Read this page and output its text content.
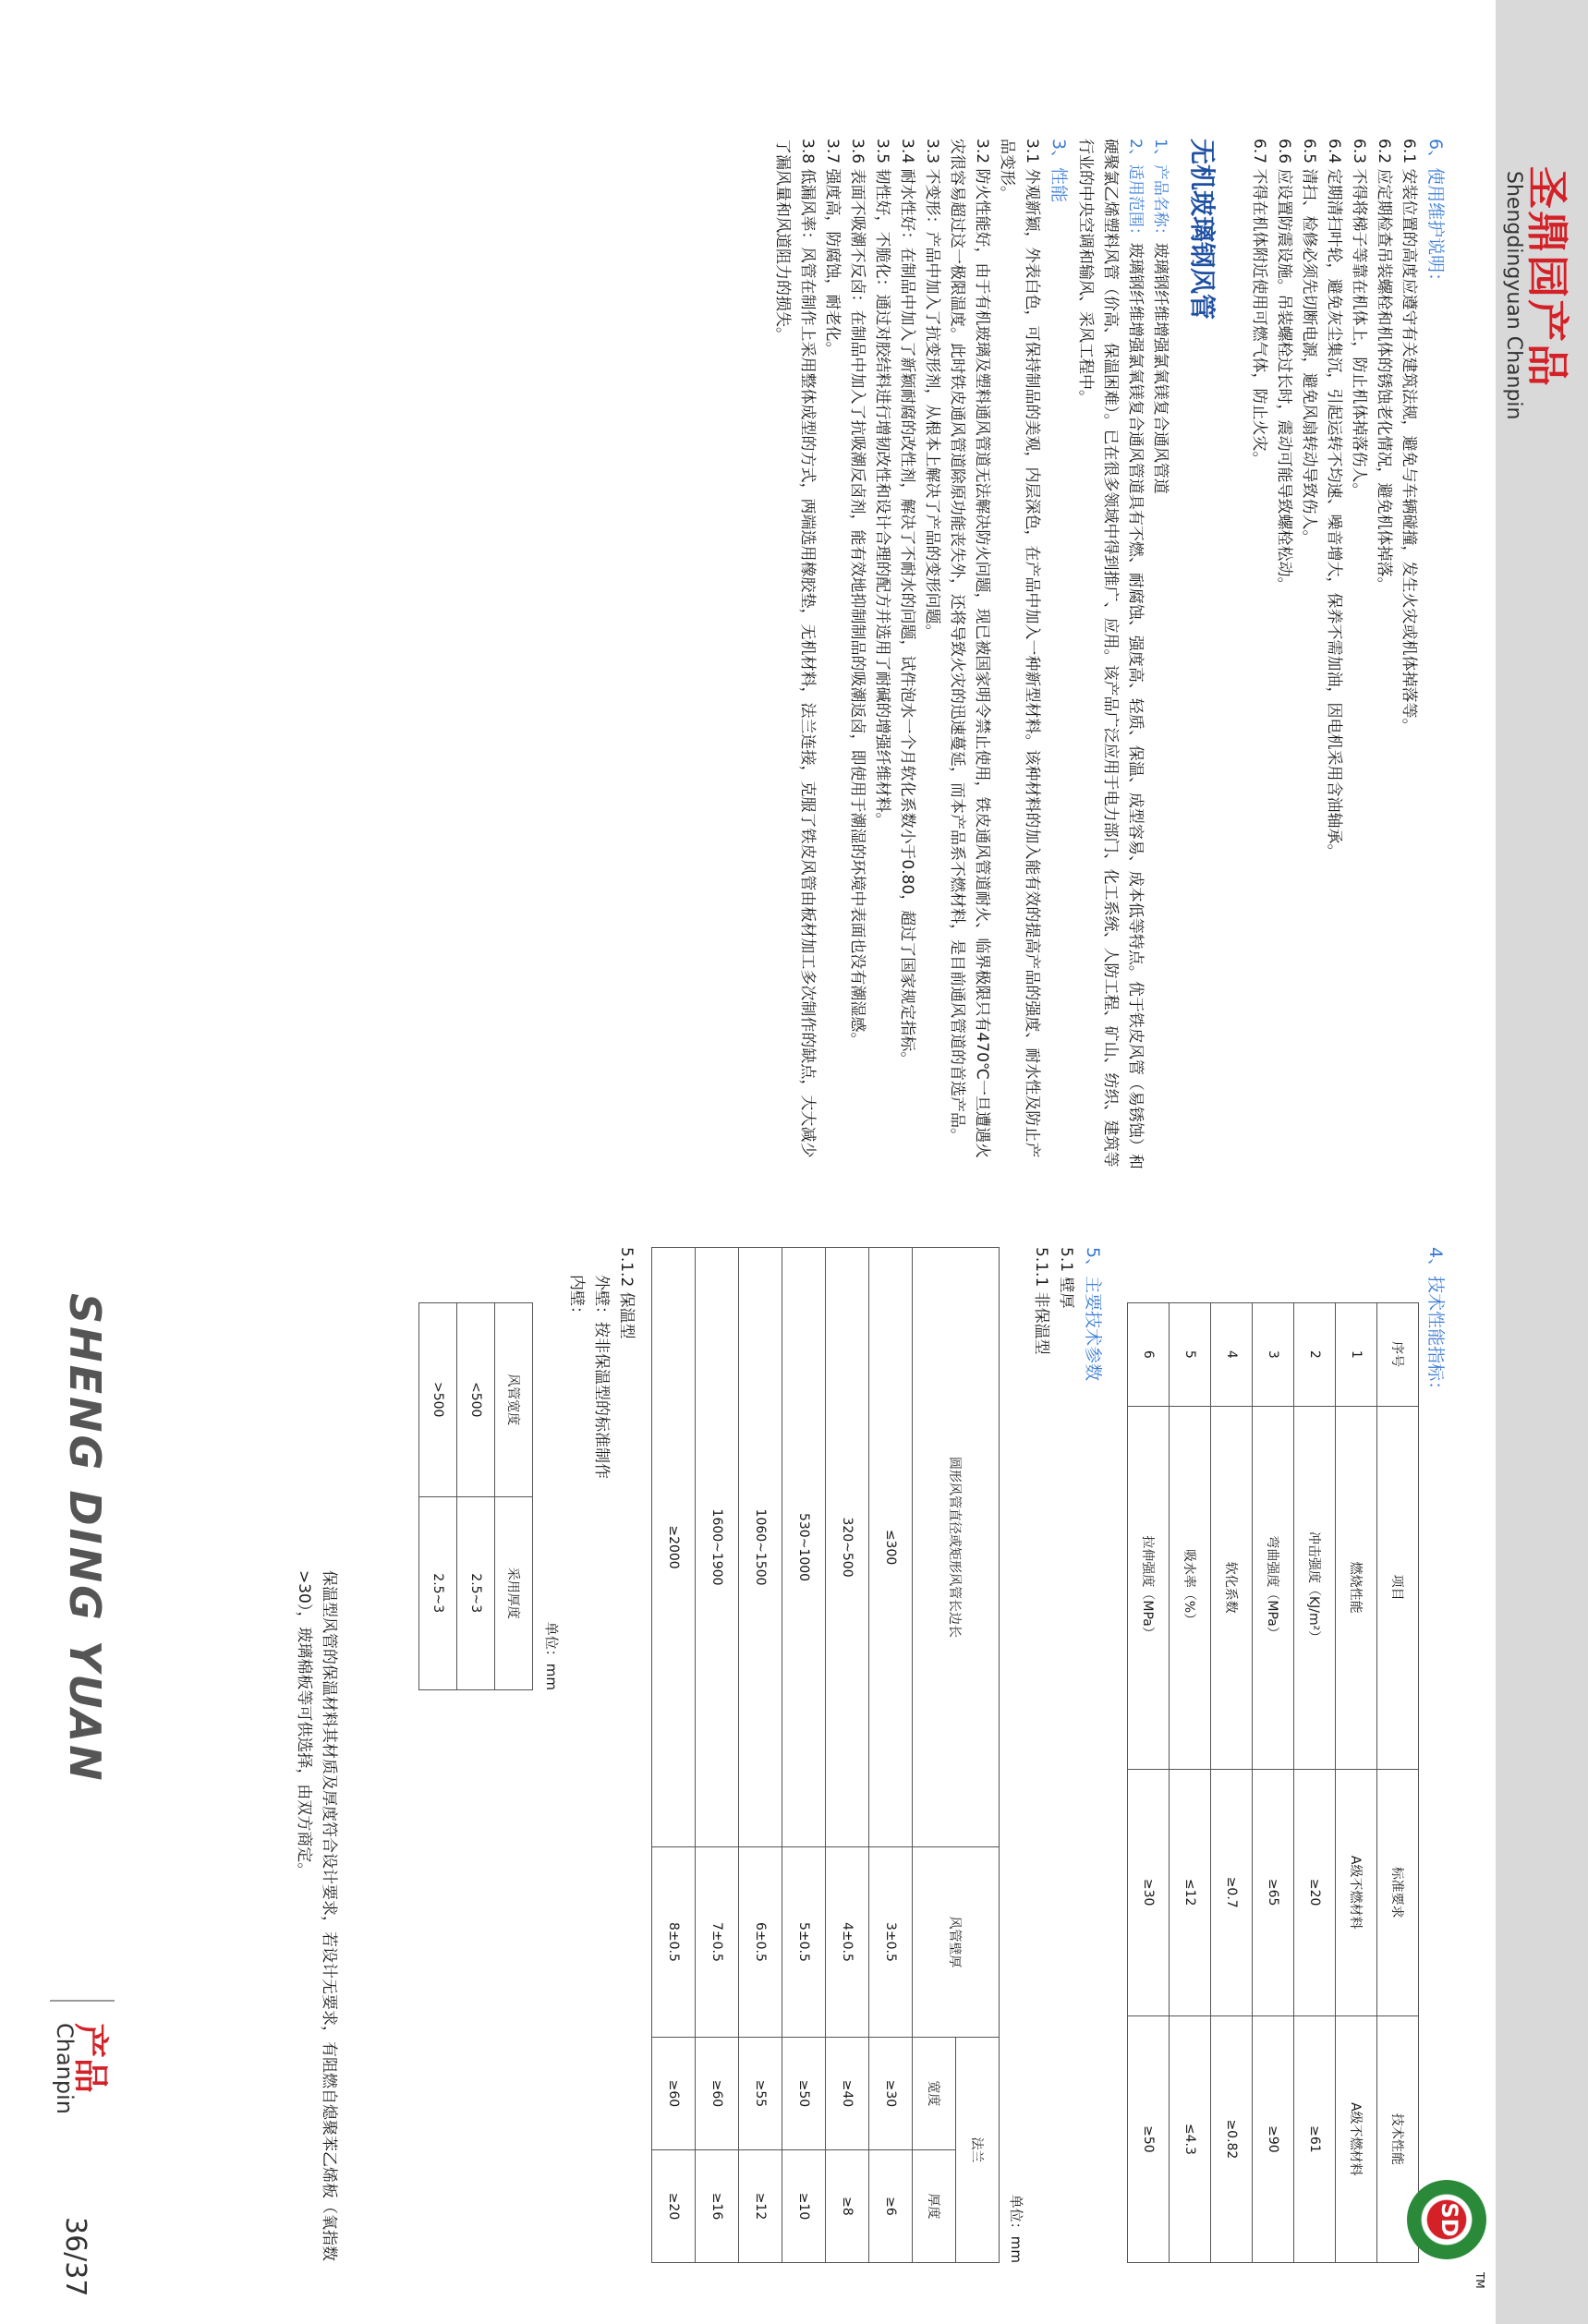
圣鼎园产品
Shengdingyuan Chanpin

6、使用维护说明：

6.1 安装位置的高度应遵守有关建筑法规，避免与车辆碰撞，发生火灾或机体掉落等。

6.2 应定期检查吊装螺栓和机体的锈蚀老化情况，避免机体掉落。

6.3 不得将梯子等靠在机体上，防止机体掉落伤人。

6.4 定期清扫叶轮，避免灰尘集沉，引起运转不均速、噪音增大，保养不需加油，因电机采用含油轴承。

6.5 清扫、检修必须先切断电源，避免风扇转动导致伤人。

6.6 应设置防震设施。吊装螺栓过长时，震动可能导致螺栓松动。

6.7 不得在机体附近使用可燃气体，防止火灾。

无机玻璃钢风管

1、产品名称：玻璃钢纤维增强氯氧镁复合通风管道

2、适用范围：玻璃钢纤维增强氯氧镁复合通风管道具有不燃、耐腐蚀、强度高、轻质、保温、成型容易、成本低等特点。优于铁皮风管（易锈蚀）和硬聚氯乙烯塑料风管（价高、保温困难）。已在很多领域中得到推广、应用。该产品广泛应用于电力部门、化工系统、人防工程、矿山、纺织、建筑等行业的中央空调和输风、采风工程中。

3、性能

3.1 外观新颖，外表白色，可保持制品的美观，内层深色，在产品中加入一种新型材料。该种材料的加入能有效的提高产品的强度、耐水性及防止产品变形。

3.2 防火性能好，由于有机玻璃及塑料通风管道无法解决防火问题，现已被国家明令禁止使用，铁皮通风管道耐火、临界极限只有470℃一旦遭遇火灾很容易超过这一极限温度。此时铁皮通风管道除原功能丧失外，还将导致火灾的迅速蔓延，而本产品系不燃材料，是目前通风管道的首选产品。

3.3 不变形：产品中加入了抗变形剂，从根本上解决了产品的变形问题。

3.4 耐水性好：在制品中加入了新颖耐腐的改性剂，解决了不耐水的问题，试件泡水一个月软化系数小于0.80，超过了国家规定指标。

3.5 韧性好，不脆化：通过对胶结料进行增韧改性和设计合理的配方并选用了耐碱的增强纤维材料。

3.6 表面不吸潮不反卤：在制品中加入了抗吸潮反卤剂，能有效地抑制制品的吸潮返卤，即使用于潮湿的环境中表面也没有潮湿感。

3.7 强度高，防腐蚀，耐老化。

3.8 低漏风率：风管在制作上采用整体成型的方式，两端选用橡胶垫，无机材料，法兰连接，克服了铁皮风管由板材加工多次制作的缺点，大大减少了漏风量和风道阻力的损失。

4、技术性能指标：

序号	项目	标准要求	技术性能
1	燃烧性能	A级不燃材料	A级不燃材料
2	冲击强度（KJ/m²）	≥20	≥61
3	弯曲强度（MPa）	≥65	≥90
4	软化系数	≥0.7	≥0.82
5	吸水率（%）	≤12	≤4.3
6	拉伸强度（MPa）	≥30	≥50

5、主要技术参数

5.1 壁厚

5.1.1 非保温型

单位：mm

圆形风管直径或矩形风管长边长	风管壁厚	法兰	
		宽度	厚度
≤300	3±0.5	≥30	≥6
320~500	4±0.5	≥40	≥8
530~1000	5±0.5	≥50	≥10
1060~1500	6±0.5	≥55	≥12
1600~1900	7±0.5	≥60	≥16
≥2000	8±0.5	≥60	≥20

5.1.2 保温型

外壁：按非保温型的标准制作

内壁：

单位：mm

风管宽度	采用厚度
<500	2.5~3
>500	2.5~3

保温型风管的保温材料其材质及厚度符合设计要求，若设计无要求，有阻燃自熄聚苯乙烯板（氧指数>30），玻璃棉板等可供选择，由双方商定。

SHENG DING YUAN
产品
Chanpin
36/37	SD
TM
